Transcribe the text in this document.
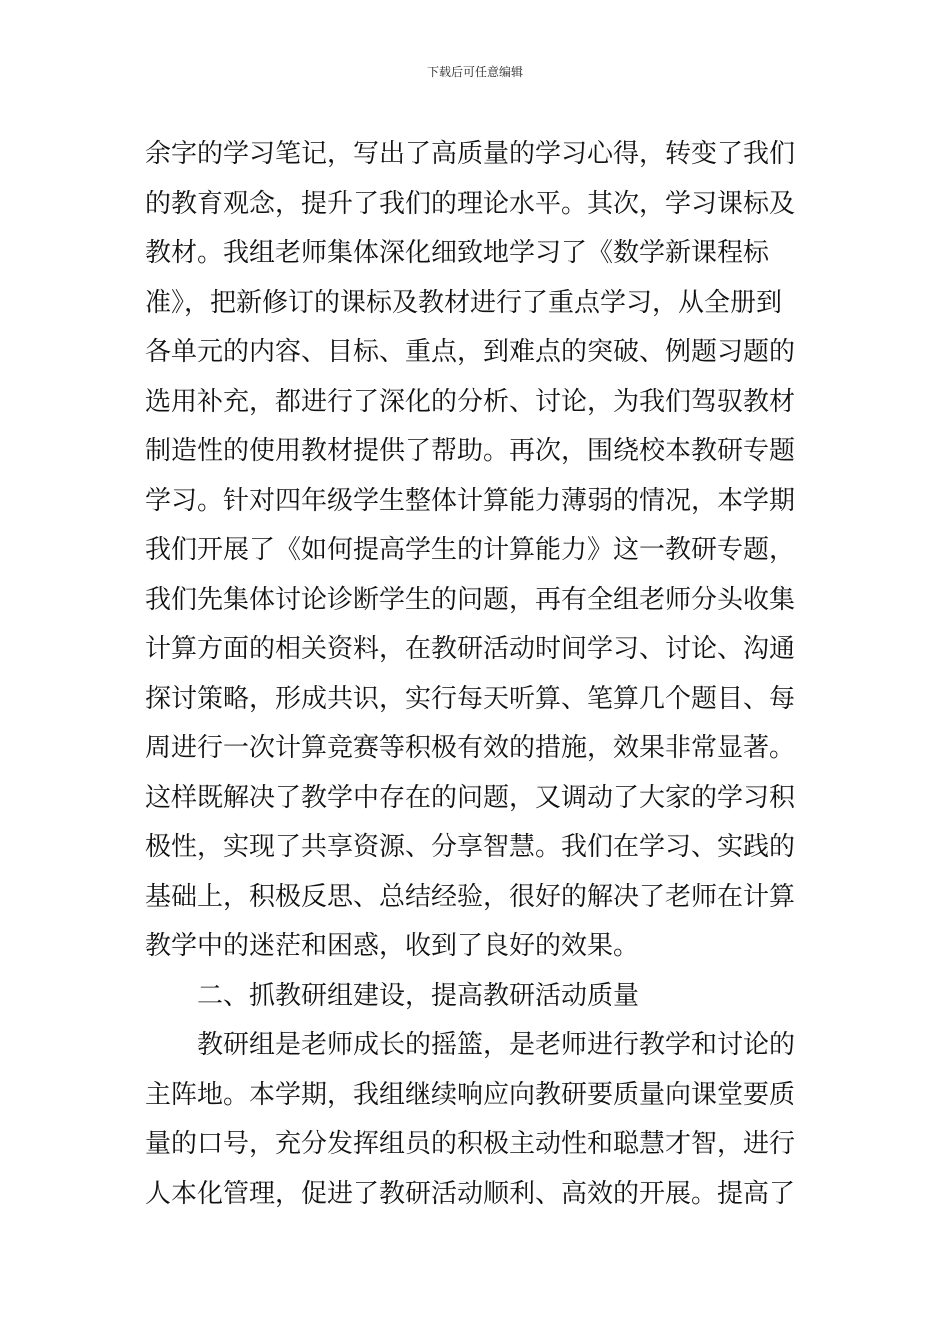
下载后可任意编辑
余字的学习笔记，写出了高质量的学习心得，转变了我们
的教育观念，提升了我们的理论水平。其次，学习课标及
教材。我组老师集体深化细致地学习了《数学新课程标
准》，把新修订的课标及教材进行了重点学习，从全册到
各单元的内容、目标、重点，到难点的突破、例题习题的
选用补充，都进行了深化的分析、讨论，为我们驾驭教材
制造性的使用教材提供了帮助。再次，围绕校本教研专题
学习。针对四年级学生整体计算能力薄弱的情况，本学期
我们开展了《如何提高学生的计算能力》这一教研专题，
我们先集体讨论诊断学生的问题，再有全组老师分头收集
计算方面的相关资料，在教研活动时间学习、讨论、沟通
探讨策略，形成共识，实行每天听算、笔算几个题目、每
周进行一次计算竞赛等积极有效的措施，效果非常显著。
这样既解决了教学中存在的问题，又调动了大家的学习积
极性，实现了共享资源、分享智慧。我们在学习、实践的
基础上，积极反思、总结经验，很好的解决了老师在计算
教学中的迷茫和困惑，收到了良好的效果。
二、抓教研组建设，提高教研活动质量
教研组是老师成长的摇篮，是老师进行教学和讨论的
主阵地。本学期，我组继续响应向教研要质量向课堂要质
量的口号，充分发挥组员的积极主动性和聪慧才智，进行
人本化管理，促进了教研活动顺利、高效的开展。提高了
